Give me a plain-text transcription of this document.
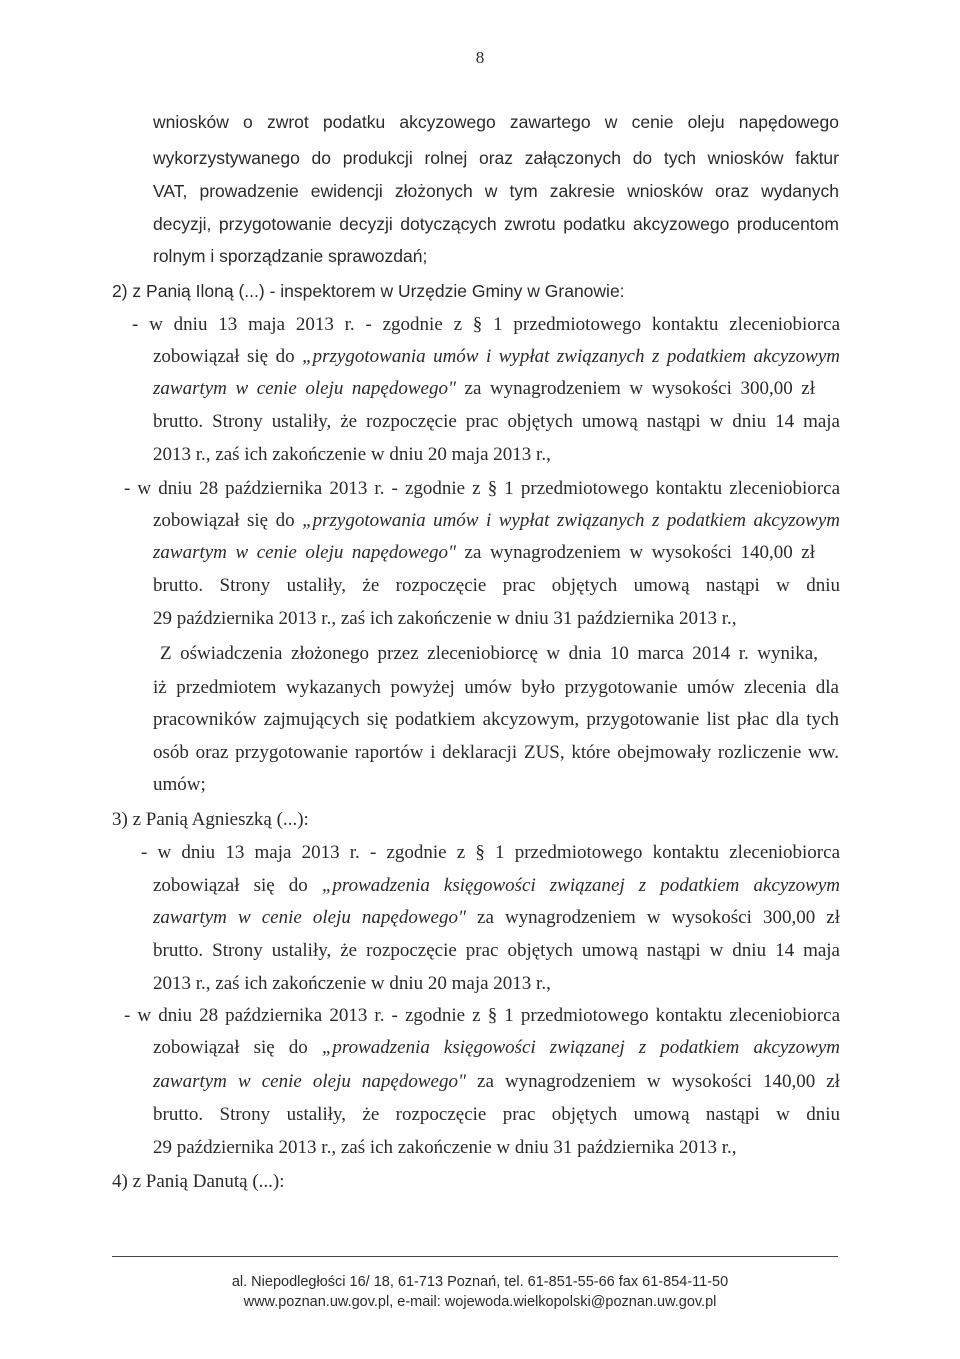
8
wniosków o zwrot podatku akcyzowego zawartego w cenie oleju napędowego
wykorzystywanego do produkcji rolnej oraz załączonych do tych wniosków faktur
VAT, prowadzenie ewidencji złożonych w tym zakresie wniosków oraz wydanych
decyzji, przygotowanie decyzji dotyczących zwrotu podatku akcyzowego producentom
rolnym i sporządzanie sprawozdań;
2) z Panią Iloną (...) - inspektorem w Urzędzie Gminy w Granowie:
- w dniu 13 maja 2013 r. - zgodnie z § 1 przedmiotowego kontaktu zleceniobiorca
zobowiązał się do „przygotowania umów i wypłat związanych z podatkiem akcyzowym
zawartym w cenie oleju napędowego" za wynagrodzeniem w wysokości 300,00 zł
brutto. Strony ustaliły, że rozpoczęcie prac objętych umową nastąpi w dniu 14 maja
2013 r., zaś ich zakończenie w dniu 20 maja 2013 r.,
- w dniu 28 października 2013 r. - zgodnie z § 1 przedmiotowego kontaktu zleceniobiorca
zobowiązał się do „przygotowania umów i wypłat związanych z podatkiem akcyzowym
zawartym w cenie oleju napędowego" za wynagrodzeniem w wysokości 140,00 zł
brutto. Strony ustaliły, że rozpoczęcie prac objętych umową nastąpi w dniu
29 października 2013 r., zaś ich zakończenie w dniu 31 października 2013 r.,
Z oświadczenia złożonego przez zleceniobiorcę w dnia 10 marca 2014 r. wynika,
iż przedmiotem wykazanych powyżej umów było przygotowanie umów zlecenia dla
pracowników zajmujących się podatkiem akcyzowym, przygotowanie list płac dla tych
osób oraz przygotowanie raportów i deklaracji ZUS, które obejmowały rozliczenie ww.
umów;
3) z Panią Agnieszką (...):
- w dniu 13 maja 2013 r. - zgodnie z § 1 przedmiotowego kontaktu zleceniobiorca
zobowiązał się do „prowadzenia księgowości związanej z podatkiem akcyzowym
zawartym w cenie oleju napędowego" za wynagrodzeniem w wysokości 300,00 zł
brutto. Strony ustaliły, że rozpoczęcie prac objętych umową nastąpi w dniu 14 maja
2013 r., zaś ich zakończenie w dniu 20 maja 2013 r.,
- w dniu 28 października 2013 r. - zgodnie z § 1 przedmiotowego kontaktu zleceniobiorca
zobowiązał się do „prowadzenia księgowości związanej z podatkiem akcyzowym
zawartym w cenie oleju napędowego" za wynagrodzeniem w wysokości 140,00 zł
brutto. Strony ustaliły, że rozpoczęcie prac objętych umową nastąpi w dniu
29 października 2013 r., zaś ich zakończenie w dniu 31 października 2013 r.,
4) z Panią Danutą (...):
al. Niepodległości 16/ 18, 61-713 Poznań, tel. 61-851-55-66 fax 61-854-11-50
www.poznan.uw.gov.pl, e-mail: wojewoda.wielkopolski@poznan.uw.gov.pl
